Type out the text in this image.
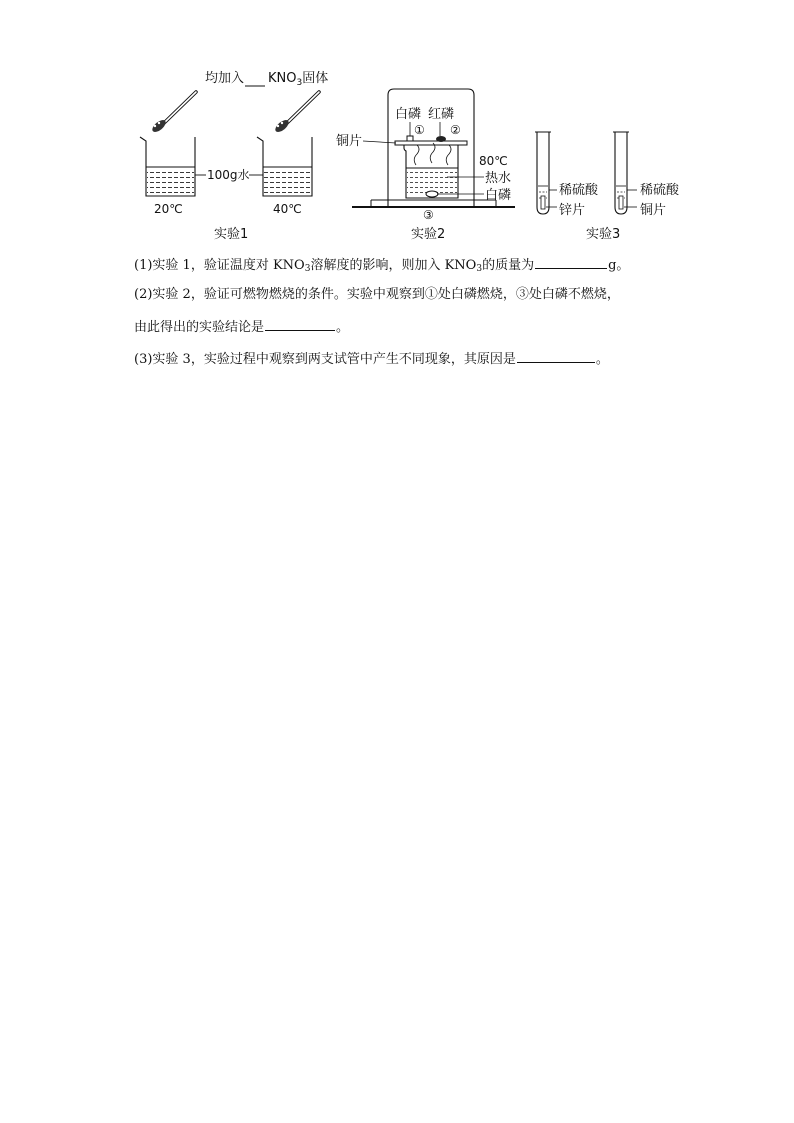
均加入 $KNO_3$固体
100g水
20℃	40℃
实验1
白磷 红磷
① ②
铜片
80℃
热水
白磷
③
实验2
稀硫酸
锌片
稀硫酸
铜片
实验3
(1)实验 1，验证温度对 $KNO_3$溶解度的影响，则加入 $KNO_3$的质量为	g。
(2)实验 2，验证可燃物燃烧的条件。实验中观察到①处白磷燃烧，③处白磷不燃烧，
由此得出的实验结论是	。
(3)实验 3，实验过程中观察到两支试管中产生不同现象，其原因是	。
